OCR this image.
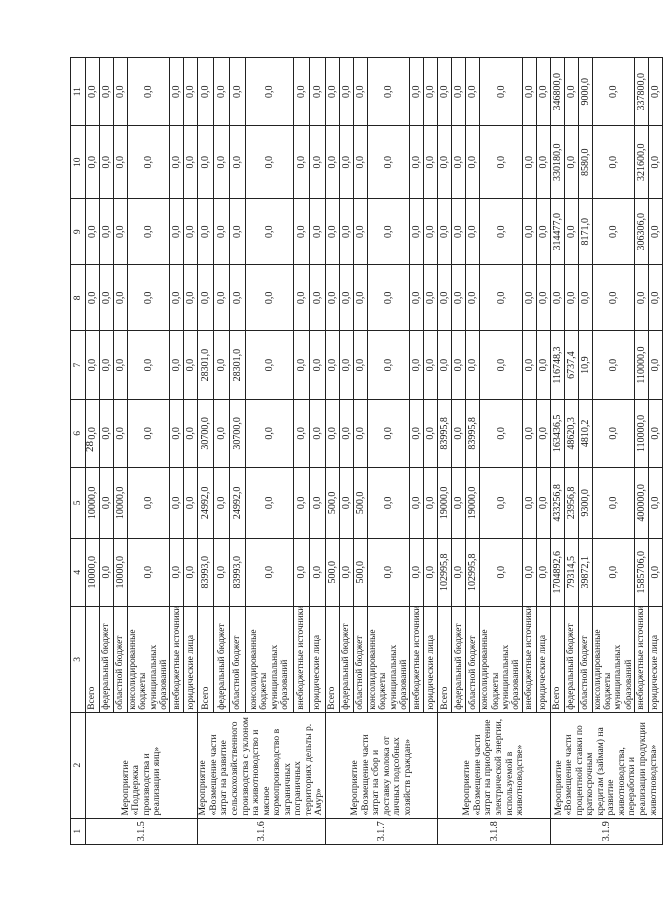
28
1	2	3	4	5	6	7	8	9	10	11
3.1.5	Мероприятие «Поддержка производства и реализации яиц»	Всего	10000,0	10000,0	0,0	0,0	0,0	0,0	0,0	0,0
		федеральный бюджет	0,0	0,0	0,0	0,0	0,0	0,0	0,0	0,0
		областной бюджет	10000,0	10000,0	0,0	0,0	0,0	0,0	0,0	0,0
		консолидированные бюджеты муниципальных образований	0,0	0,0	0,0	0,0	0,0	0,0	0,0	0,0
		внебюджетные источники	0,0	0,0	0,0	0,0	0,0	0,0	0,0	0,0
		юридические лица	0,0	0,0	0,0	0,0	0,0	0,0	0,0	0,0
3.1.6	Мероприятие «Возмещение части затрат на развитие сельскохозяйственного производства с уклоном на животноводство и мясное кормопроизводство в заграничных пограничных территориях дельты р. Амур»	Всего	83993,0	24992,0	30700,0	28301,0	0,0	0,0	0,0	0,0
		федеральный бюджет	0,0	0,0	0,0	0,0	0,0	0,0	0,0	0,0
		областной бюджет	83993,0	24992,0	30700,0	28301,0	0,0	0,0	0,0	0,0
		консолидированные бюджеты муниципальных образований	0,0	0,0	0,0	0,0	0,0	0,0	0,0	0,0
		внебюджетные источники	0,0	0,0	0,0	0,0	0,0	0,0	0,0	0,0
		юридические лица	0,0	0,0	0,0	0,0	0,0	0,0	0,0	0,0
3.1.7	Мероприятие «Возмещение части затрат на сбор и доставку молока от личных подсобных хозяйств граждан»	Всего	500,0	500,0	0,0	0,0	0,0	0,0	0,0	0,0
		федеральный бюджет	0,0	0,0	0,0	0,0	0,0	0,0	0,0	0,0
		областной бюджет	500,0	500,0	0,0	0,0	0,0	0,0	0,0	0,0
		консолидированные бюджеты муниципальных образований	0,0	0,0	0,0	0,0	0,0	0,0	0,0	0,0
		внебюджетные источники	0,0	0,0	0,0	0,0	0,0	0,0	0,0	0,0
		юридические лица	0,0	0,0	0,0	0,0	0,0	0,0	0,0	0,0
3.1.8	Мероприятие «Возмещение части затрат на приобретение электрической энергии, используемой в животноводстве»	Всего	102995,8	19000,0	83995,8	0,0	0,0	0,0	0,0	0,0
		федеральный бюджет	0,0	0,0	0,0	0,0	0,0	0,0	0,0	0,0
		областной бюджет	102995,8	19000,0	83995,8	0,0	0,0	0,0	0,0	0,0
		консолидированные бюджеты муниципальных образований	0,0	0,0	0,0	0,0	0,0	0,0	0,0	0,0
		внебюджетные источники	0,0	0,0	0,0	0,0	0,0	0,0	0,0	0,0
		юридические лица	0,0	0,0	0,0	0,0	0,0	0,0	0,0	0,0
3.1.9	Мероприятие «Возмещение части процентной ставки по краткосрочным кредитам (займам) на развитие животноводства, переработки и реализации продукции животноводства»	Всего	1704892,6	433256,8	163436,5	116748,3	0,0	314477,0	330180,0	346800,0
		федеральный бюджет	79314,5	23956,8	48620,3	6737,4	0,0	0,0	0,0	0,0
		областной бюджет	39872,1	9300,0	4810,2	10,9	0,0	8171,0	8580,0	9000,0
		консолидированные бюджеты муниципальных образований	0,0	0,0	0,0	0,0	0,0	0,0	0,0	0,0
		внебюджетные источники	1585706,0	400000,0	110000,0	110000,0	0,0	306306,0	321600,0	337800,0
		юридические лица	0,0	0,0	0,0	0,0	0,0	0,0	0,0	0,0
